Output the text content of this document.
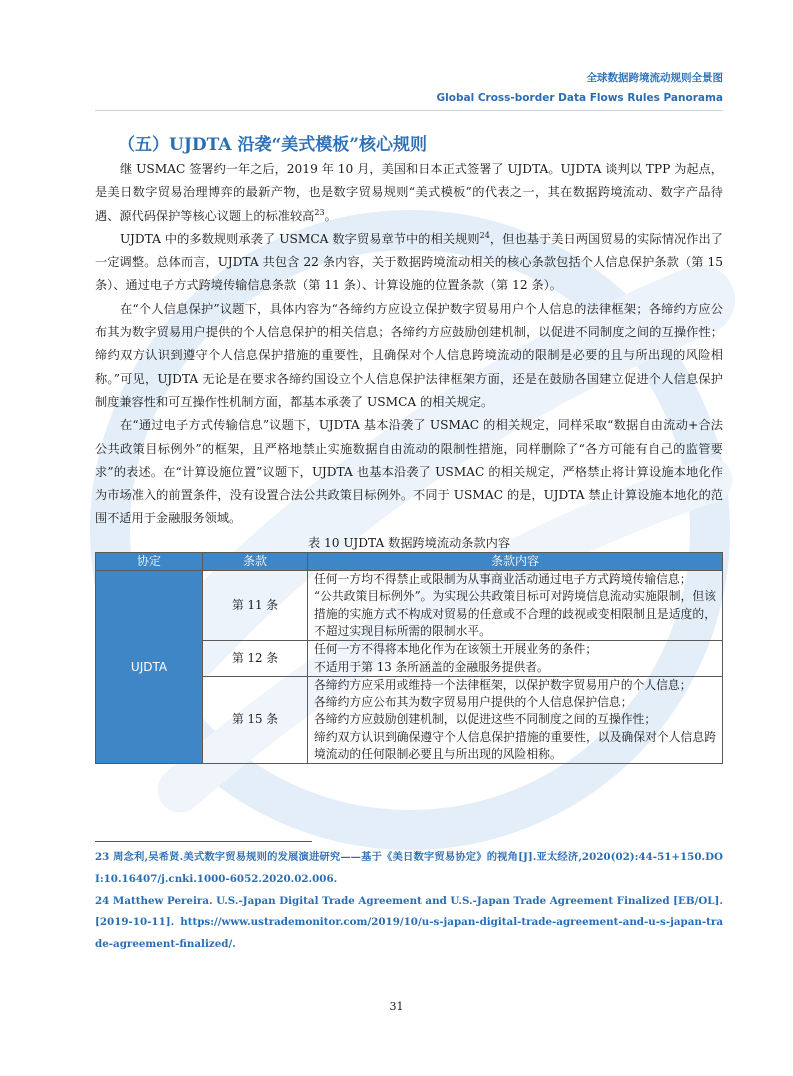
全球数据跨境流动规则全景图
Global Cross-border Data Flows Rules Panorama
（五）UJDTA 沿袭“美式模板”核心规则

继 USMAC 签署约一年之后，2019 年 10 月，美国和日本正式签署了 UJDTA。UJDTA 谈判以 TPP 为起点，是美日数字贸易治理博弈的最新产物，也是数字贸易规则“美式模板”的代表之一，其在数据跨境流动、数字产品待遇、源代码保护等核心议题上的标准较高$^{23}$。

UJDTA 中的多数规则承袭了 USMCA 数字贸易章节中的相关规则$^{24}$，但也基于美日两国贸易的实际情况作出了一定调整。总体而言，UJDTA 共包含 22 条内容，关于数据跨境流动相关的核心条款包括个人信息保护条款（第 15 条）、通过电子方式跨境传输信息条款（第 11 条）、计算设施的位置条款（第 12 条）。

在“个人信息保护”议题下，具体内容为“各缔约方应设立保护数字贸易用户个人信息的法律框架；各缔约方应公布其为数字贸易用户提供的个人信息保护的相关信息；各缔约方应鼓励创建机制，以促进不同制度之间的互操作性；缔约双方认识到遵守个人信息保护措施的重要性，且确保对个人信息跨境流动的限制是必要的且与所出现的风险相称。”可见，UJDTA 无论是在要求各缔约国设立个人信息保护法律框架方面，还是在鼓励各国建立促进个人信息保护制度兼容性和可互操作性机制方面，都基本承袭了 USMCA 的相关规定。

在“通过电子方式传输信息”议题下，UJDTA 基本沿袭了 USMAC 的相关规定，同样采取“数据自由流动+合法公共政策目标例外”的框架，且严格地禁止实施数据自由流动的限制性措施，同样删除了“各方可能有自己的监管要求”的表述。在“计算设施位置”议题下，UJDTA 也基本沿袭了 USMAC 的相关规定，严格禁止将计算设施本地化作为市场准入的前置条件，没有设置合法公共政策目标例外。不同于 USMAC 的是，UJDTA 禁止计算设施本地化的范围不适用于金融服务领域。

表 10 UJDTA 数据跨境流动条款内容
协定	条款	条款内容
UJDTA	第 11 条	任何一方均不得禁止或限制为从事商业活动通过电子方式跨境传输信息；
“公共政策目标例外”。为实现公共政策目标可对跨境信息流动实施限制，但该措施的实施方式不构成对贸易的任意或不合理的歧视或变相限制且是适度的，不超过实现目标所需的限制水平。

	第 12 条	任何一方不得将本地化作为在该领土开展业务的条件；
不适用于第 13 条所涵盖的金融服务提供者。

	第 15 条	各缔约方应采用或维持一个法律框架，以保护数字贸易用户的个人信息；
各缔约方应公布其为数字贸易用户提供的个人信息保护信息；
各缔约方应鼓励创建机制，以促进这些不同制度之间的互操作性；
缔约双方认识到确保遵守个人信息保护措施的重要性，以及确保对个人信息跨境流动的任何限制必要且与所出现的风险相称。

23 周念利,吴希贤.美式数字贸易规则的发展演进研究——基于《美日数字贸易协定》的视角[J].亚太经济,2020(02):44-51+150.DOI:10.16407/j.cnki.1000-6052.2020.02.006.

24 Matthew Pereira. U.S.-Japan Digital Trade Agreement and U.S.-Japan Trade Agreement Finalized [EB/OL]. [2019-10-11]. https://www.ustrademonitor.com/2019/10/u-s-japan-digital-trade-agreement-and-u-s-japan-trade-agreement-finalized/.

31
